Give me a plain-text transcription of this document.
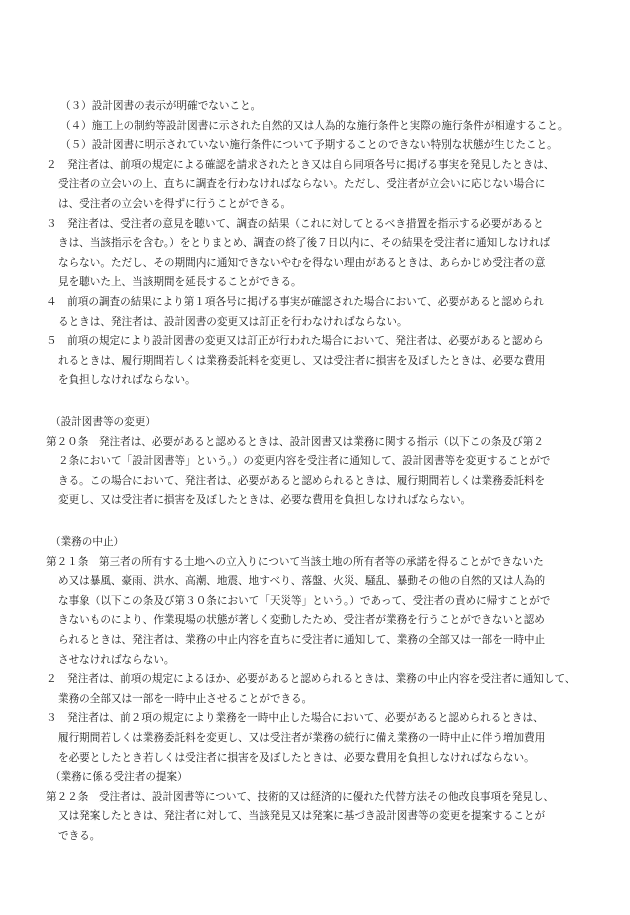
（３）設計図書の表示が明確でないこと。
（４）施工上の制約等設計図書に示された自然的又は人為的な施行条件と実際の施行条件が相違すること。
（５）設計図書に明示されていない施行条件について予期することのできない特別な状態が生じたこと。
２　発注者は、前項の規定による確認を請求されたとき又は自ら同項各号に掲げる事実を発見したときは、
受注者の立会いの上、直ちに調査を行わなければならない。ただし、受注者が立会いに応じない場合に
は、受注者の立会いを得ずに行うことができる。
３　発注者は、受注者の意見を聴いて、調査の結果（これに対してとるべき措置を指示する必要があると
きは、当該指示を含む。）をとりまとめ、調査の終了後７日以内に、その結果を受注者に通知しなければ
ならない。ただし、その期間内に通知できないやむを得ない理由があるときは、あらかじめ受注者の意
見を聴いた上、当該期間を延長することができる。
４　前項の調査の結果により第１項各号に掲げる事実が確認された場合において、必要があると認められ
るときは、発注者は、設計図書の変更又は訂正を行わなければならない。
５　前項の規定により設計図書の変更又は訂正が行われた場合において、発注者は、必要があると認めら
れるときは、履行期間若しくは業務委託料を変更し、又は受注者に損害を及ぼしたときは、必要な費用
を負担しなければならない。
（設計図書等の変更）
第２０条　発注者は、必要があると認めるときは、設計図書又は業務に関する指示（以下この条及び第２
２条において「設計図書等」という。）の変更内容を受注者に通知して、設計図書等を変更することがで
きる。この場合において、発注者は、必要があると認められるときは、履行期間若しくは業務委託料を
変更し、又は受注者に損害を及ぼしたときは、必要な費用を負担しなければならない。
（業務の中止）
第２１条　第三者の所有する土地への立入りについて当該土地の所有者等の承諾を得ることができないた
め又は暴風、豪雨、洪水、高潮、地震、地すべり、落盤、火災、騒乱、暴動その他の自然的又は人為的
な事象（以下この条及び第３０条において「天災等」という。）であって、受注者の責めに帰すことがで
きないものにより、作業現場の状態が著しく変動したため、受注者が業務を行うことができないと認め
られるときは、発注者は、業務の中止内容を直ちに受注者に通知して、業務の全部又は一部を一時中止
させなければならない。
２　発注者は、前項の規定によるほか、必要があると認められるときは、業務の中止内容を受注者に通知して、
業務の全部又は一部を一時中止させることができる。
３　発注者は、前２項の規定により業務を一時中止した場合において、必要があると認められるときは、
履行期間若しくは業務委託料を変更し、又は受注者が業務の続行に備え業務の一時中止に伴う増加費用
を必要としたとき若しくは受注者に損害を及ぼしたときは、必要な費用を負担しなければならない。
（業務に係る受注者の提案）
第２２条　受注者は、設計図書等について、技術的又は経済的に優れた代替方法その他改良事項を発見し、
又は発案したときは、発注者に対して、当該発見又は発案に基づき設計図書等の変更を提案することが
できる。
